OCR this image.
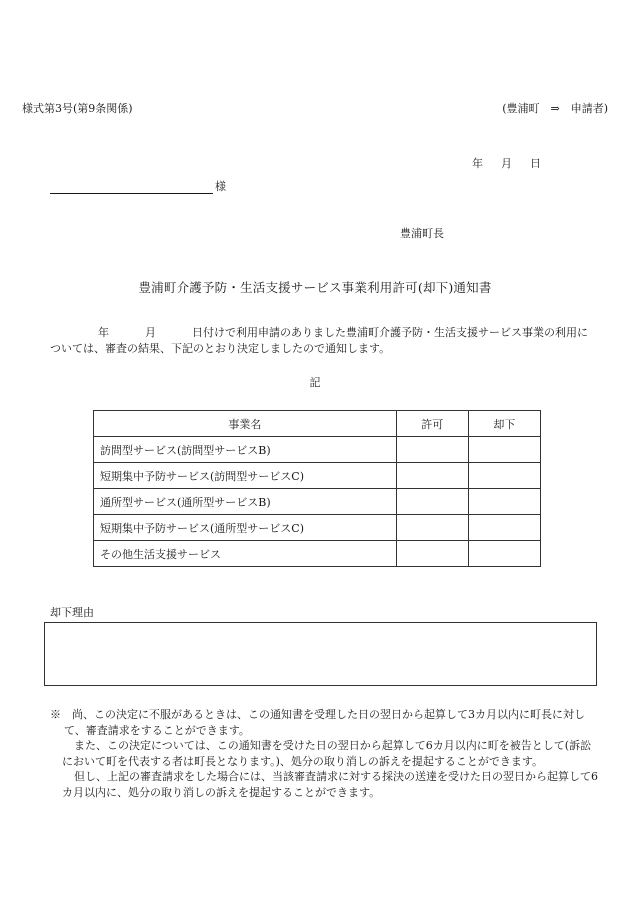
様式第3号(第9条関係)	(豊浦町　⇒　申請者)
年 月 日
様
豊浦町長
豊浦町介護予防・生活支援サービス事業利用許可(却下)通知書
年	月	日付けで利用申請のありました豊浦町介護予防・生活支援サービス事業の利用については、審査の結果、下記のとおり決定しましたので通知します。
記
事業名	許可	却下
訪問型サービス(訪問型サービスB)		
短期集中予防サービス(訪問型サービスC)		
通所型サービス(通所型サービスB)		
短期集中予防サービス(通所型サービスC)		
その他生活支援サービス		
却下理由

※　尚、この決定に不服があるときは、この通知書を受理した日の翌日から起算して3カ月以内に町長に対して、審査請求をすることができます。

また、この決定については、この通知書を受けた日の翌日から起算して6カ月以内に町を被告として(訴訟において町を代表する者は町長となります。)、処分の取り消しの訴えを提起することができます。

但し、上記の審査請求をした場合には、当該審査請求に対する採決の送達を受けた日の翌日から起算して6カ月以内に、処分の取り消しの訴えを提起することができます。
